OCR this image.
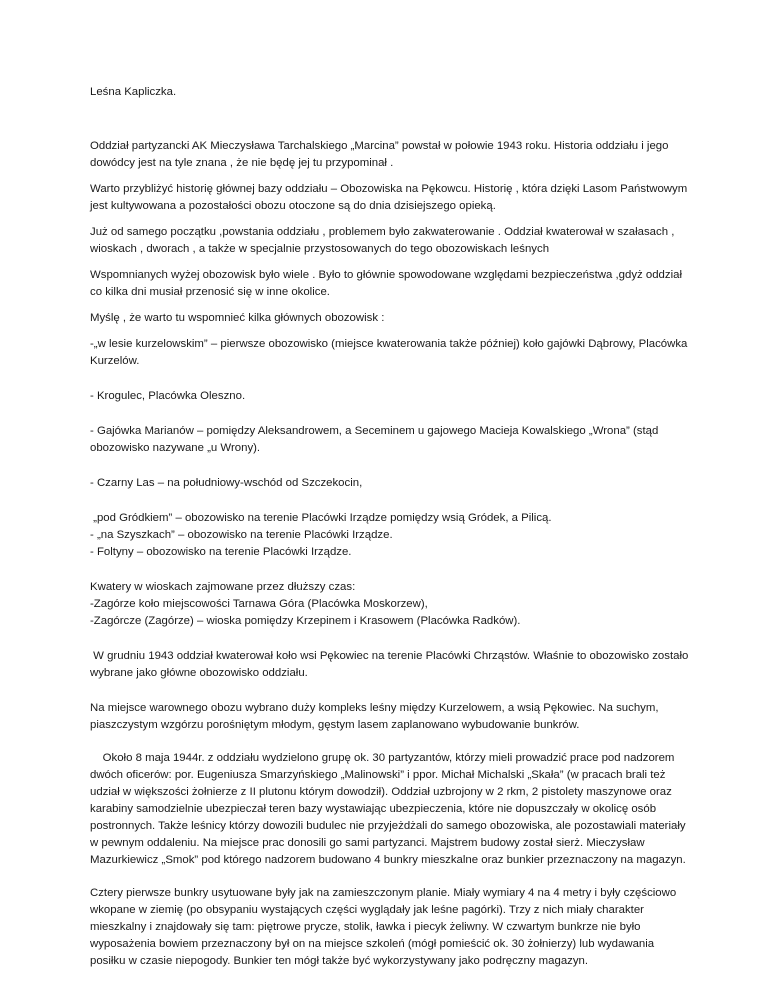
Leśna Kapliczka.

Oddział partyzancki AK Mieczysława Tarchalskiego „Marcina” powstał w połowie 1943 roku. Historia oddziału i jego dowódcy jest na tyle znana , że nie będę jej tu przypominał .

Warto przybliżyć historię głównej bazy oddziału – Obozowiska na Pękowcu. Historię , która dzięki Lasom Państwowym jest kultywowana a pozostałości obozu otoczone są do dnia dzisiejszego opieką.

Już od samego początku ,powstania oddziału , problemem było zakwaterowanie . Oddział kwaterował w szałasach , wioskach , dworach , a także w specjalnie przystosowanych do tego obozowiskach leśnych

Wspomnianych wyżej obozowisk było wiele . Było to głównie spowodowane względami bezpieczeństwa ,gdyż oddział co kilka dni musiał przenosić się w inne okolice.

Myślę , że warto tu wspomnieć kilka głównych obozowisk :

-„w lesie kurzelowskim” – pierwsze obozowisko (miejsce kwaterowania także później) koło gajówki Dąbrowy, Placówka Kurzelów.

- Krogulec, Placówka Oleszno.

- Gajówka Marianów – pomiędzy Aleksandrowem, a Seceminem u gajowego Macieja Kowalskiego „Wrona” (stąd obozowisko nazywane „u Wrony).

- Czarny Las – na południowy-wschód od Szczekocin,

„pod Gródkiem” – obozowisko na terenie Placówki Irządze pomiędzy wsią Gródek, a Pilicą.
- „na Szyszkach” – obozowisko na terenie Placówki Irządze.
- Foltyny – obozowisko na terenie Placówki Irządze.

Kwatery w wioskach zajmowane przez dłuższy czas:
-Zagórze koło miejscowości Tarnawa Góra (Placówka Moskorzew),
-Zagórcze (Zagórze) – wioska pomiędzy Krzepinem i Krasowem (Placówka Radków).

W grudniu 1943 oddział kwaterował koło wsi Pękowiec na terenie Placówki Chrząstów. Właśnie to obozowisko zostało wybrane jako główne obozowisko oddziału.

Na miejsce warownego obozu wybrano duży kompleks leśny między Kurzelowem, a wsią Pękowiec. Na suchym, piaszczystym wzgórzu porośniętym młodym, gęstym lasem zaplanowano wybudowanie bunkrów.

Około 8 maja 1944r. z oddziału wydzielono grupę ok. 30 partyzantów, którzy mieli prowadzić prace pod nadzorem dwóch oficerów: por. Eugeniusza Smarzyńskiego „Malinowski” i ppor. Michał Michalski „Skała” (w pracach brali też udział w większości żołnierze z II plutonu którym dowodził). Oddział uzbrojony w 2 rkm, 2 pistolety maszynowe oraz karabiny samodzielnie ubezpieczał teren bazy wystawiając ubezpieczenia, które nie dopuszczały w okolicę osób postronnych. Także leśnicy którzy dowozili budulec nie przyjeżdżali do samego obozowiska, ale pozostawiali materiały w pewnym oddaleniu. Na miejsce prac donosili go sami partyzanci. Majstrem budowy został sierż. Mieczysław Mazurkiewicz „Smok” pod którego nadzorem budowano 4 bunkry mieszkalne oraz bunkier przeznaczony na magazyn.

Cztery pierwsze bunkry usytuowane były jak na zamieszczonym planie. Miały wymiary 4 na 4 metry i były częściowo wkopane w ziemię (po obsypaniu wystających części wyglądały jak leśne pagórki). Trzy z nich miały charakter mieszkalny i znajdowały się tam: piętrowe prycze, stolik, ławka i piecyk żeliwny. W czwartym bunkrze nie było wyposażenia bowiem przeznaczony był on na miejsce szkoleń (mógł pomieścić ok. 30 żołnierzy) lub wydawania posiłku w czasie niepogody. Bunkier ten mógł także być wykorzystywany jako podręczny magazyn.
